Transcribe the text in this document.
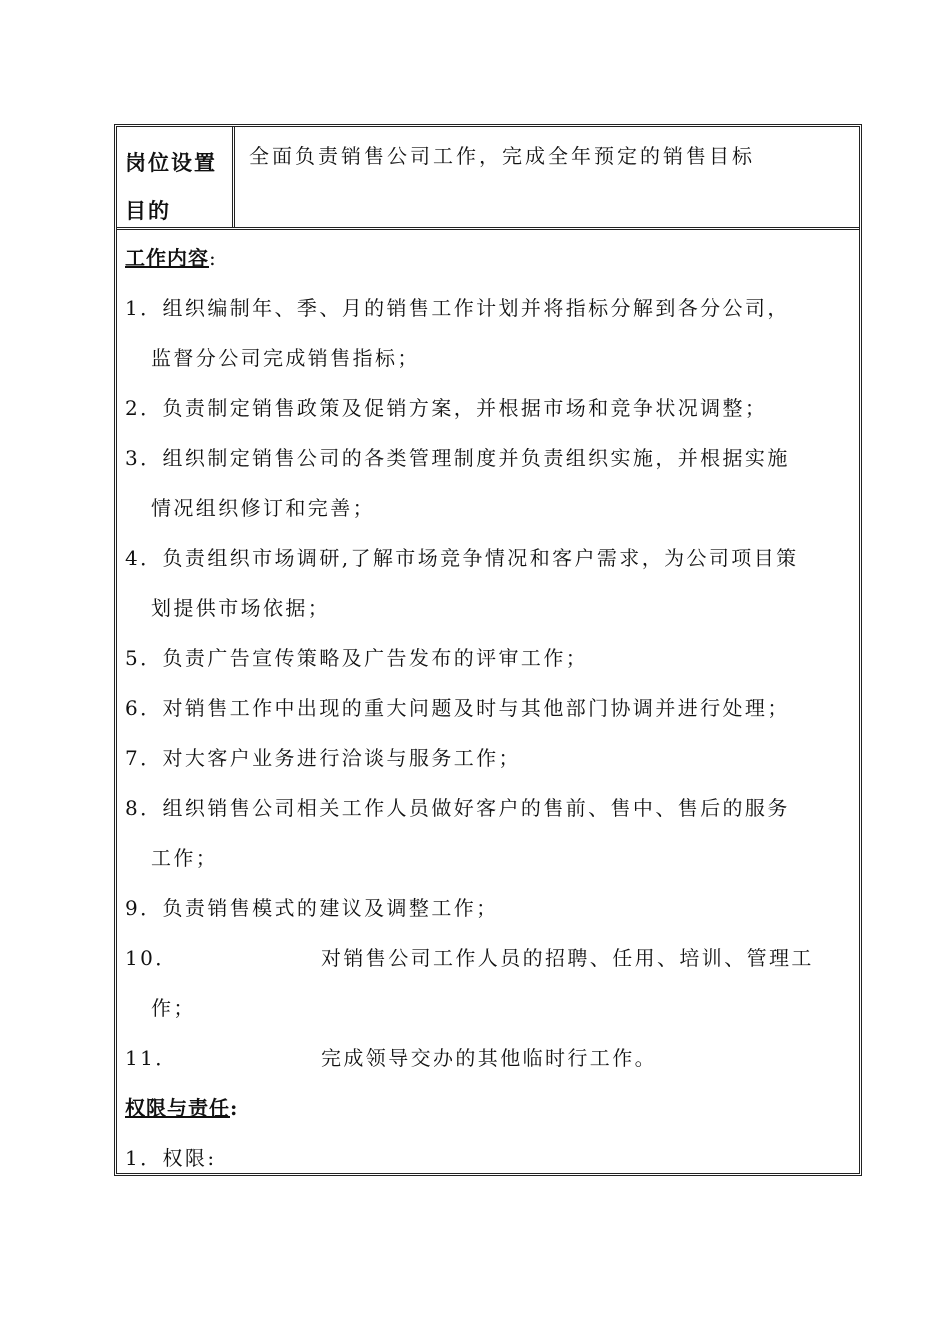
岗位设置目的
全面负责销售公司工作，完成全年预定的销售目标
工作内容:
1．组织编制年、季、月的销售工作计划并将指标分解到各分公司，
监督分公司完成销售指标；
2．负责制定销售政策及促销方案，并根据市场和竞争状况调整；
3．组织制定销售公司的各类管理制度并负责组织实施，并根据实施
情况组织修订和完善；
4．负责组织市场调研,了解市场竞争情况和客户需求，为公司项目策
划提供市场依据；
5．负责广告宣传策略及广告发布的评审工作；
6．对销售工作中出现的重大问题及时与其他部门协调并进行处理；
7．对大客户业务进行洽谈与服务工作；
8．组织销售公司相关工作人员做好客户的售前、售中、售后的服务
工作；
9．负责销售模式的建议及调整工作；
10．	对销售公司工作人员的招聘、任用、培训、管理工
作；
11．	完成领导交办的其他临时行工作。
权限与责任:
1．权限:
